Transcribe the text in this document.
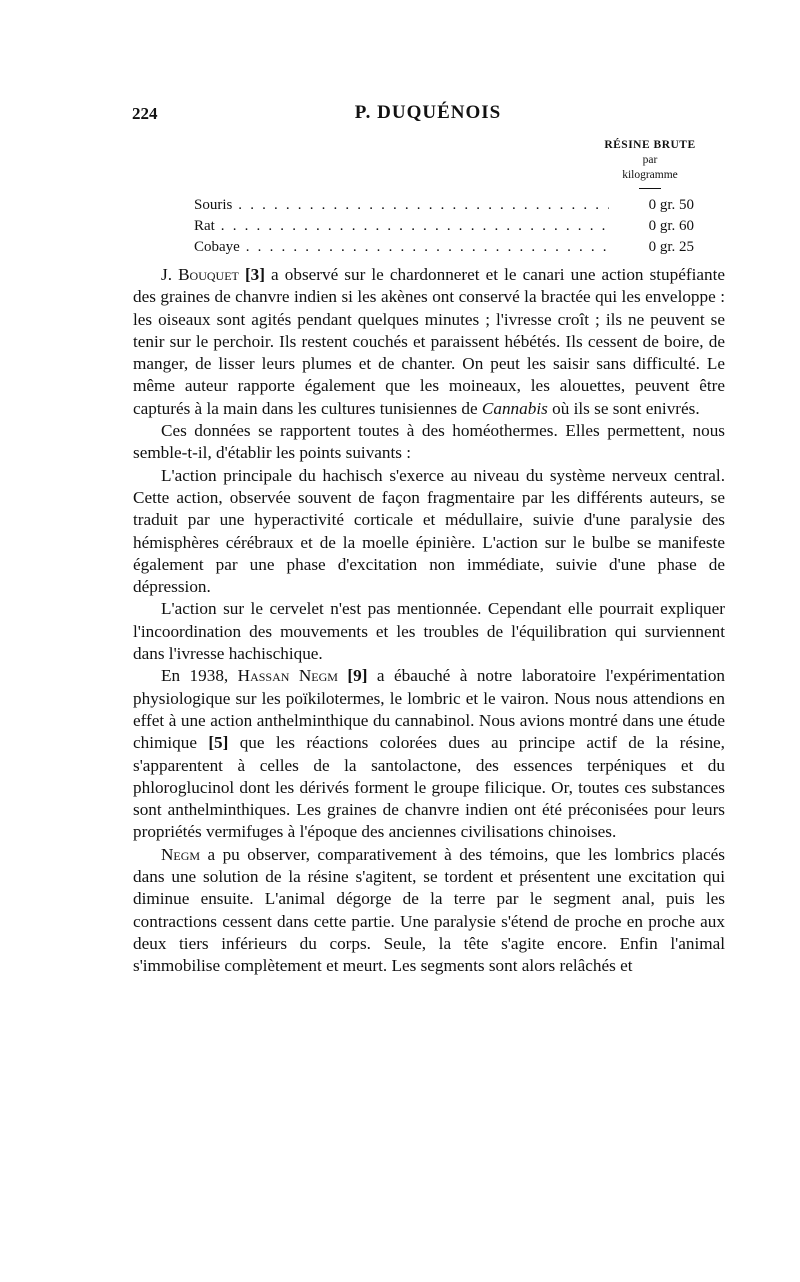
224	P. DUQUÉNOIS
RÉSINE BRUTE
par
kilogramme
Souris . . .	0 gr. 50
Rat . . .	0 gr. 60
Cobaye . . .	0 gr. 25

J. Bouquet [3] a observé sur le chardonneret et le canari une action stupéfiante des graines de chanvre indien si les akènes ont conservé la bractée qui les enveloppe : les oiseaux sont agités pendant quelques minutes ; l'ivresse croît ; ils ne peuvent se tenir sur le perchoir. Ils restent couchés et paraissent hébétés. Ils cessent de boire, de manger, de lisser leurs plumes et de chanter. On peut les saisir sans difficulté. Le même auteur rapporte également que les moineaux, les alouettes, peuvent être capturés à la main dans les cultures tunisiennes de Cannabis où ils se sont enivrés.

Ces données se rapportent toutes à des homéothermes. Elles permettent, nous semble-t-il, d'établir les points suivants :

L'action principale du hachisch s'exerce au niveau du système nerveux central. Cette action, observée souvent de façon fragmentaire par les différents auteurs, se traduit par une hyperactivité corticale et médullaire, suivie d'une paralysie des hémisphères cérébraux et de la moelle épinière. L'action sur le bulbe se manifeste également par une phase d'excitation non immédiate, suivie d'une phase de dépression.

L'action sur le cervelet n'est pas mentionnée. Cependant elle pourrait expliquer l'incoordination des mouvements et les troubles de l'équilibration qui surviennent dans l'ivresse hachischique.

En 1938, Hassan Negm [9] a ébauché à notre laboratoire l'expérimentation physiologique sur les poïkilotermes, le lombric et le vairon. Nous nous attendions en effet à une action anthelminthique du cannabinol. Nous avions montré dans une étude chimique [5] que les réactions colorées dues au principe actif de la résine, s'apparentent à celles de la santolactone, des essences terpéniques et du phloroglucinol dont les dérivés forment le groupe filicique. Or, toutes ces substances sont anthelminthiques. Les graines de chanvre indien ont été préconisées pour leurs propriétés vermifuges à l'époque des anciennes civilisations chinoises.

Negm a pu observer, comparativement à des témoins, que les lombrics placés dans une solution de la résine s'agitent, se tordent et présentent une excitation qui diminue ensuite. L'animal dégorge de la terre par le segment anal, puis les contractions cessent dans cette partie. Une paralysie s'étend de proche en proche aux deux tiers inférieurs du corps. Seule, la tête s'agite encore. Enfin l'animal s'immobilise complètement et meurt. Les segments sont alors relâchés et
